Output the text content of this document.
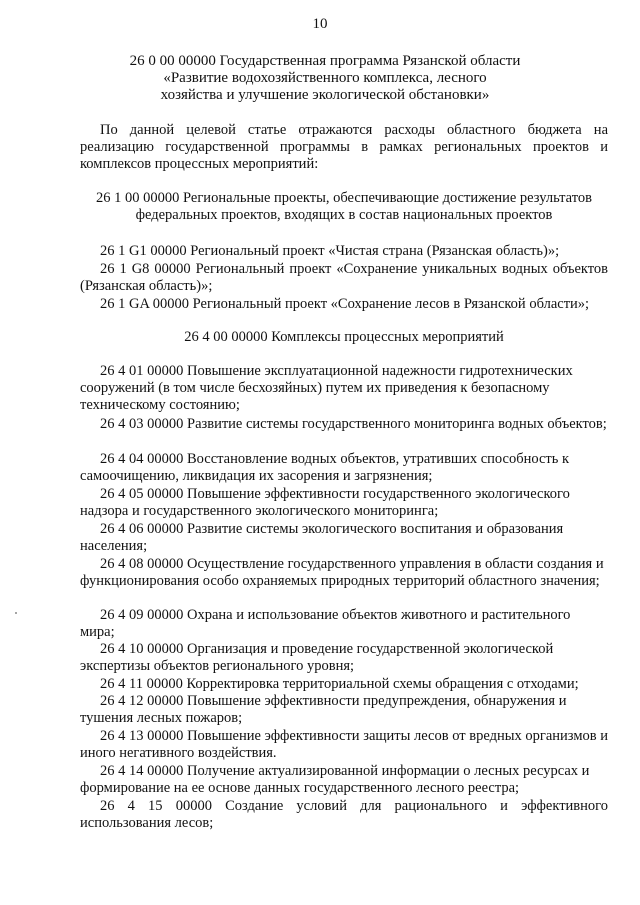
10
26 0 00 00000 Государственная программа Рязанской области
«Развитие водохозяйственного комплекса, лесного
хозяйства и улучшение экологической обстановки»

По данной целевой статье отражаются расходы областного бюджета на реализацию государственной программы в рамках региональных проектов и комплексов процессных мероприятий:

26 1 00 00000 Региональные проекты, обеспечивающие достижение результатов федеральных проектов, входящих в состав национальных проектов

26 1 G1 00000 Региональный проект «Чистая страна (Рязанская область)»;

26 1 G8 00000 Региональный проект «Сохранение уникальных водных объектов (Рязанская область)»;

26 1 GA 00000 Региональный проект «Сохранение лесов в Рязанской области»;

26 4 00 00000 Комплексы процессных мероприятий

26 4 01 00000 Повышение эксплуатационной надежности гидротехнических сооружений (в том числе бесхозяйных) путем их приведения к безопасному техническому состоянию;

26 4 03 00000 Развитие системы государственного мониторинга водных объектов;

26 4 04 00000 Восстановление водных объектов, утративших способность к самоочищению, ликвидация их засорения и загрязнения;

26 4 05 00000 Повышение эффективности государственного экологического надзора и государственного экологического мониторинга;

26 4 06 00000 Развитие системы экологического воспитания и образования населения;

26 4 08 00000 Осуществление государственного управления в области создания и функционирования особо охраняемых природных территорий областного значения;

26 4 09 00000 Охрана и использование объектов животного и растительного мира;

26 4 10 00000 Организация и проведение государственной экологической экспертизы объектов регионального уровня;

26 4 11 00000 Корректировка территориальной схемы обращения с отходами;

26 4 12 00000 Повышение эффективности предупреждения, обнаружения и тушения лесных пожаров;

26 4 13 00000 Повышение эффективности защиты лесов от вредных организмов и иного негативного воздействия.

26 4 14 00000 Получение актуализированной информации о лесных ресурсах и формирование на ее основе данных государственного лесного реестра;

26 4 15 00000 Создание условий для рационального и эффективного использования лесов;
